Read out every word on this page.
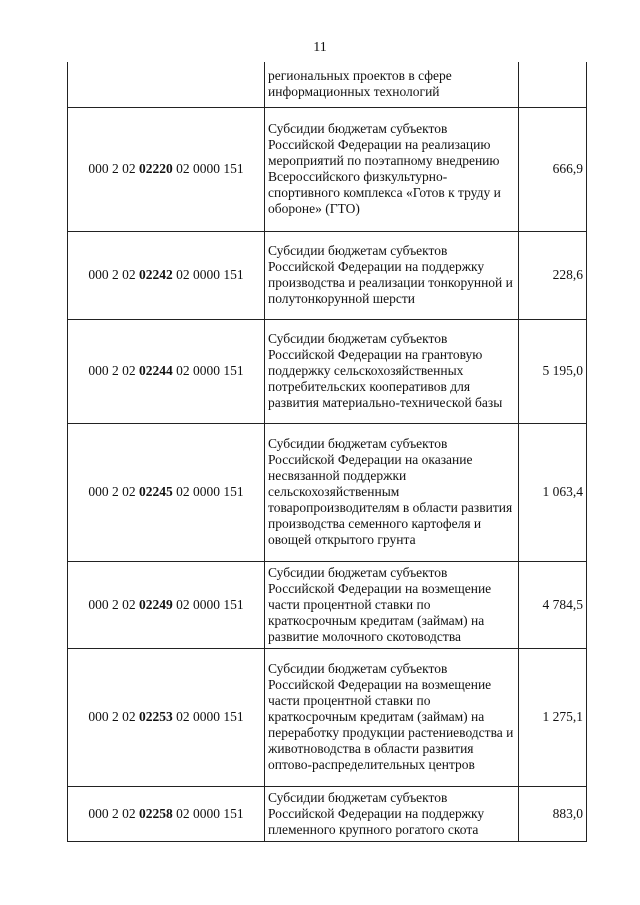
11
	региональных проектов в сфере информационных технологий	
000 2 02 02220 02 0000 151	Субсидии бюджетам субъектов Российской Федерации на реализацию мероприятий по поэтапному внедрению Всероссийского физкультурно-спортивного комплекса «Готов к труду и обороне» (ГТО)	666,9
000 2 02 02242 02 0000 151	Субсидии бюджетам субъектов Российской Федерации на поддержку производства и реализации тонкорунной и полутонкорунной шерсти	228,6
000 2 02 02244 02 0000 151	Субсидии бюджетам субъектов Российской Федерации на грантовую поддержку сельскохозяйственных потребительских кооперативов для развития материально-технической базы	5 195,0
000 2 02 02245 02 0000 151	Субсидии бюджетам субъектов Российской Федерации на оказание несвязанной поддержки сельскохозяйственным товаропроизводителям в области развития производства семенного картофеля и овощей открытого грунта	1 063,4
000 2 02 02249 02 0000 151	Субсидии бюджетам субъектов Российской Федерации на возмещение части процентной ставки по краткосрочным кредитам (займам) на развитие молочного скотоводства	4 784,5
000 2 02 02253 02 0000 151	Субсидии бюджетам субъектов Российской Федерации на возмещение части процентной ставки по краткосрочным кредитам (займам) на переработку продукции растениеводства и животноводства в области развития оптово-распределительных центров	1 275,1
000 2 02 02258 02 0000 151	Субсидии бюджетам субъектов Российской Федерации на поддержку племенного крупного рогатого скота	883,0
